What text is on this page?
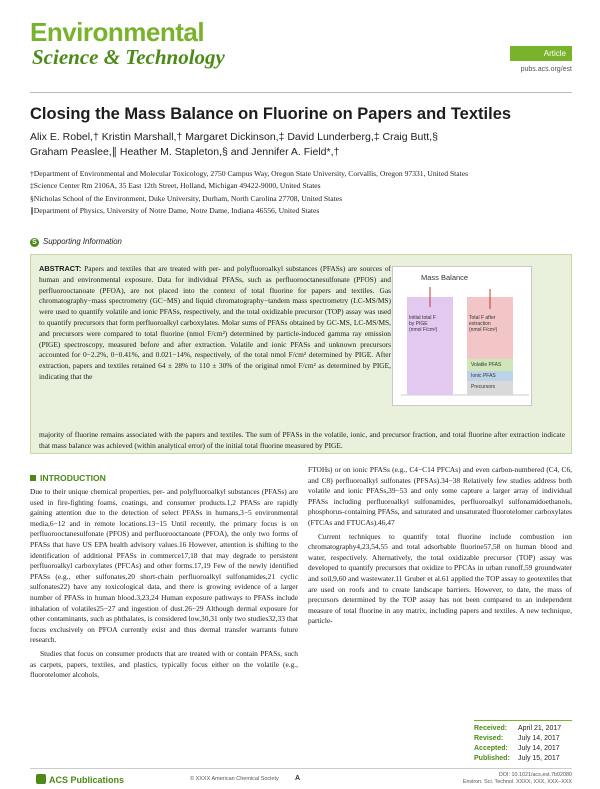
Environmental
Science & Technology	Article
pubs.acs.org/est
Closing the Mass Balance on Fluorine on Papers and Textiles
Alix E. Robel,† Kristin Marshall,† Margaret Dickinson,‡ David Lunderberg,‡ Craig Butt,§
Graham Peaslee,∥ Heather M. Stapleton,§ and Jennifer A. Field*,†

†Department of Environmental and Molecular Toxicology, 2750 Campus Way, Oregon State University, Corvallis, Oregon 97331, United States

‡Science Center Rm 2106A, 35 East 12th Street, Holland, Michigan 49422-9000, United States

§Nicholas School of the Environment, Duke University, Durham, North Carolina 27708, United States

∥Department of Physics, University of Notre Dame, Notre Dame, Indiana 46556, United States

S Supporting Information
ABSTRACT: Papers and textiles that are treated with per- and polyfluoroalkyl substances (PFASs) are sources of human and environmental exposure. Data for individual PFASs, such as perfluorooctanesulfonate (PFOS) and perfluorooctanoate (PFOA), are not placed into the context of total fluorine for papers and textiles. Gas chromatography−mass spectrometry (GC−MS) and liquid chromatography−tandem mass spectrometry (LC-MS/MS) were used to quantify volatile and ionic PFASs, respectively, and the total oxidizable precursor (TOP) assay was used to quantify precursors that form perfluoroalkyl carboxylates. Molar sums of PFASs obtained by GC-MS, LC-MS/MS, and precursors were compared to total fluorine (nmol F/cm²) determined by particle-induced gamma ray emission (PIGE) spectroscopy, measured before and after extraction. Volatile and ionic PFASs and unknown precursors accounted for 0−2.2%, 0−0.41%, and 0.021−14%, respectively, of the total nmol F/cm² determined by PIGE. After extraction, papers and textiles retained 64 ± 28% to 110 ± 30% of the original nmol F/cm² as determined by PIGE, indicating that the
majority of fluorine remains associated with the papers and textiles. The sum of PFASs in the volatile, ionic, and precursor fraction, and total fluorine after extraction indicate that mass balance was achieved (within analytical error) of the initial total fluorine measured by PIGE.
Mass Balance
Initial total F
by PIGE
(nmol F/cm²)
Total F after
extraction
(nmol F/cm²)
Volatile PFAS
Ionic PFAS
Precursors
INTRODUCTION

Due to their unique chemical properties, per- and polyfluoroalkyl substances (PFASs) are used in fire-fighting foams, coatings, and consumer products.1,2 PFASs are rapidly gaining attention due to the detection of select PFASs in humans,3−5 environmental media,6−12 and in remote locations.13−15 Until recently, the primary focus is on perfluorooctanesulfonate (PFOS) and perfluorooctanoate (PFOA), the only two forms of PFASs that have US EPA health advisory values.16 However, attention is shifting to the identification of additional PFASs in commerce17,18 that may degrade to persistent perfluoroalkyl carboxylates (PFCAs) and other forms.17,19 Few of the newly identified PFASs (e.g., ether sulfonates,20 short-chain perfluoroalkyl sulfonamides,21 cyclic sulfonates22) have any toxicological data, and there is growing evidence of a larger number of PFASs in human blood.3,23,24 Human exposure pathways to PFASs include inhalation of volatiles25−27 and ingestion of dust.26−29 Although dermal exposure for other contaminants, such as phthalates, is considered low,30,31 only two studies32,33 that focus exclusively on PFOA currently exist and thus dermal transfer warrants future research.

Studies that focus on consumer products that are treated with or contain PFASs, such as carpets, papers, textiles, and plastics, typically focus either on the volatile (e.g., fluorotelomer alcohols,

FTOHs) or on ionic PFASs (e.g., C4−C14 PFCAs) and even carbon-numbered (C4, C6, and C8) perfluoroalkyl sulfonates (PFSAs).34−38 Relatively few studies address both volatile and ionic PFASs,39−53 and only some capture a larger array of individual PFASs including perfluoroalkyl sulfonamides, perfluoroalkyl sulfonamidoethanols, phosphorus-containing PFASs, and saturated and unsaturated fluorotelomer carboxylates (FTCAs and FTUCAs).46,47

Current techniques to quantify total fluorine include combustion ion chromatography4,23,54,55 and total adsorbable fluorine57,58 on human blood and water, respectively. Alternatively, the total oxidizable precursor (TOP) assay was developed to quantify precursors that oxidize to PFCAs in urban runoff,59 groundwater and soil,9,60 and wastewater.11 Gruber et al.61 applied the TOP assay to geotextiles that are used on roofs and to create landscape barriers. However, to date, the mass of precursors determined by the TOP assay has not been compared to an independent measure of total fluorine in any matrix, including papers and textiles. A new technique, particle-

Received:	April 21, 2017
Revised:	July 14, 2017
Accepted:	July 14, 2017
Published:	July 15, 2017
ACS Publications	© XXXX American Chemical Society A	DOI: 10.1021/acs.est.7b02080
Environ. Sci. Technol. XXXX, XXX, XXX−XXX
